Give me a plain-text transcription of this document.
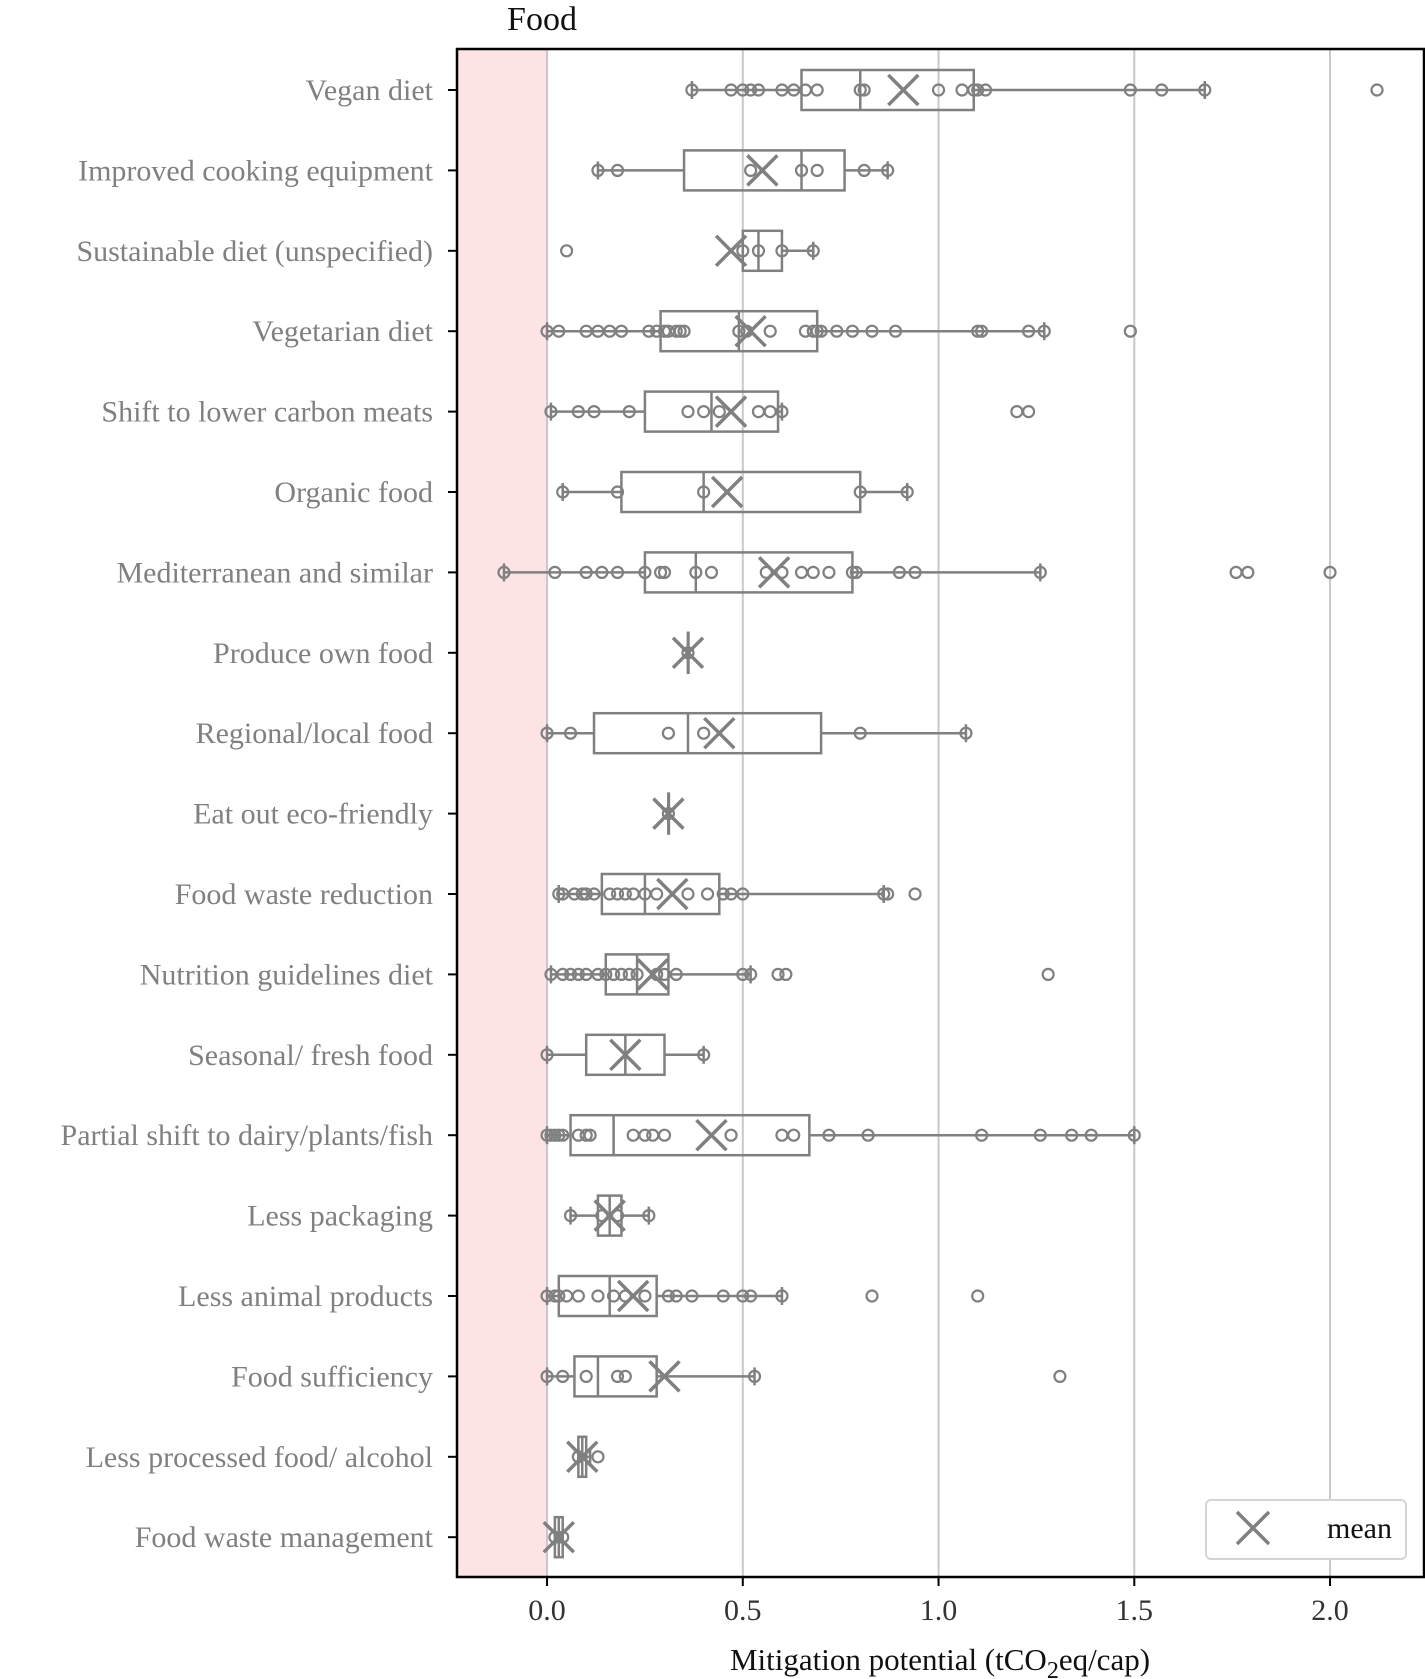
0.0	0.5	1.0	1.5	2.0
Vegan diet
Improved cooking equipment
Sustainable diet (unspecified)
Vegetarian diet
Shift to lower carbon meats
Organic food
Mediterranean and similar
Produce own food
Regional/local food
Eat out eco-friendly
Food waste reduction
Nutrition guidelines diet
Seasonal/ fresh food
Partial shift to dairy/plants/fish
Less packaging
Less animal products
Food sufficiency
Less processed food/ alcohol
Food waste management
Food
Mitigation potential (tCO$_2$eq/cap)
mean
